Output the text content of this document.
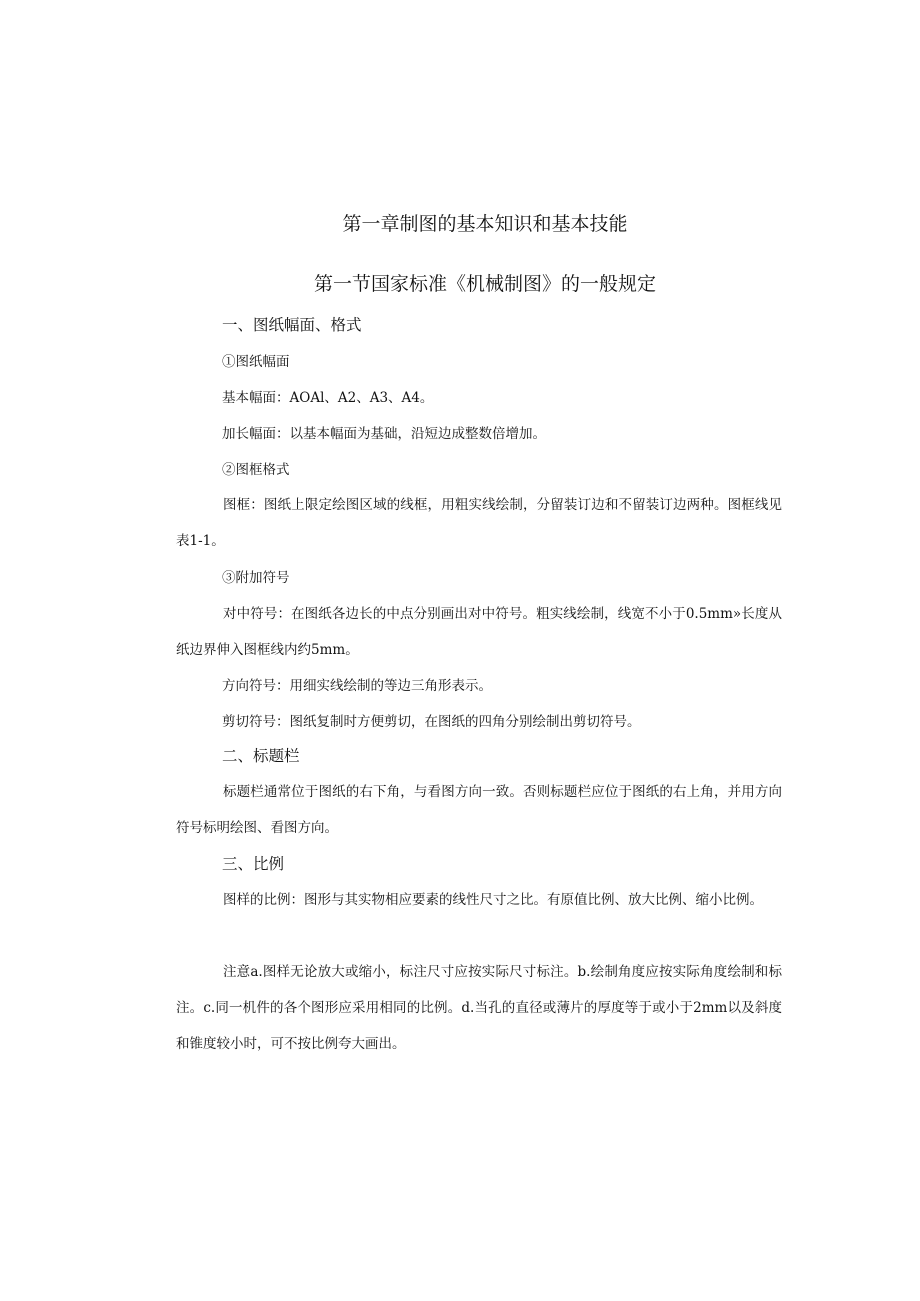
第一章制图的基本知识和基本技能
第一节国家标准《机械制图》的一般规定
一、图纸幅面、格式
①图纸幅面
基本幅面：AOAl、A2、A3、A4。
加长幅面：以基本幅面为基础，沿短边成整数倍增加。
②图框格式
图框：图纸上限定绘图区域的线框，用粗实线绘制，分留装订边和不留装订边两种。图框线见表1-1。
③附加符号
对中符号：在图纸各边长的中点分别画出对中符号。粗实线绘制，线宽不小于0.5mm»长度从纸边界伸入图框线内约5mm。
方向符号：用细实线绘制的等边三角形表示。
剪切符号：图纸复制时方便剪切，在图纸的四角分别绘制出剪切符号。
二、标题栏
标题栏通常位于图纸的右下角，与看图方向一致。否则标题栏应位于图纸的右上角，并用方向符号标明绘图、看图方向。
三、比例
图样的比例：图形与其实物相应要素的线性尺寸之比。有原值比例、放大比例、缩小比例。
注意a.图样无论放大或缩小，标注尺寸应按实际尺寸标注。b.绘制角度应按实际角度绘制和标注。c.同一机件的各个图形应采用相同的比例。d.当孔的直径或薄片的厚度等于或小于2mm以及斜度和锥度较小时，可不按比例夸大画出。
